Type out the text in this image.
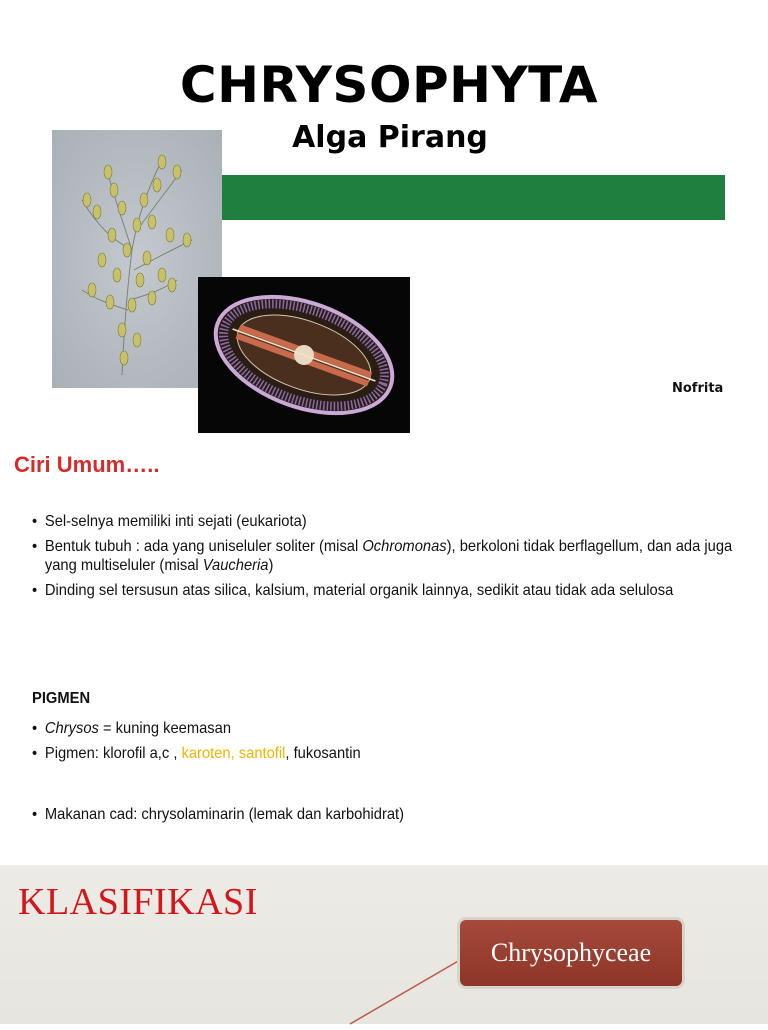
CHRYSOPHYTA
Alga Pirang
Nofrita
Ciri Umum…..
• Sel-selnya memiliki inti sejati (eukariota)
• Bentuk tubuh : ada yang uniseluler soliter (misal Ochromonas), berkoloni tidak berflagellum, dan ada juga yang multiseluler (misal Vaucheria)
• Dinding sel tersusun atas silica, kalsium, material organik lainnya, sedikit atau tidak ada selulosa
PIGMEN
• Chrysos = kuning keemasan
• Pigmen: klorofil a,c , karoten, santofil, fukosantin
• Makanan cad: chrysolaminarin (lemak dan karbohidrat)
KLASIFIKASI
Chrysophyceae
